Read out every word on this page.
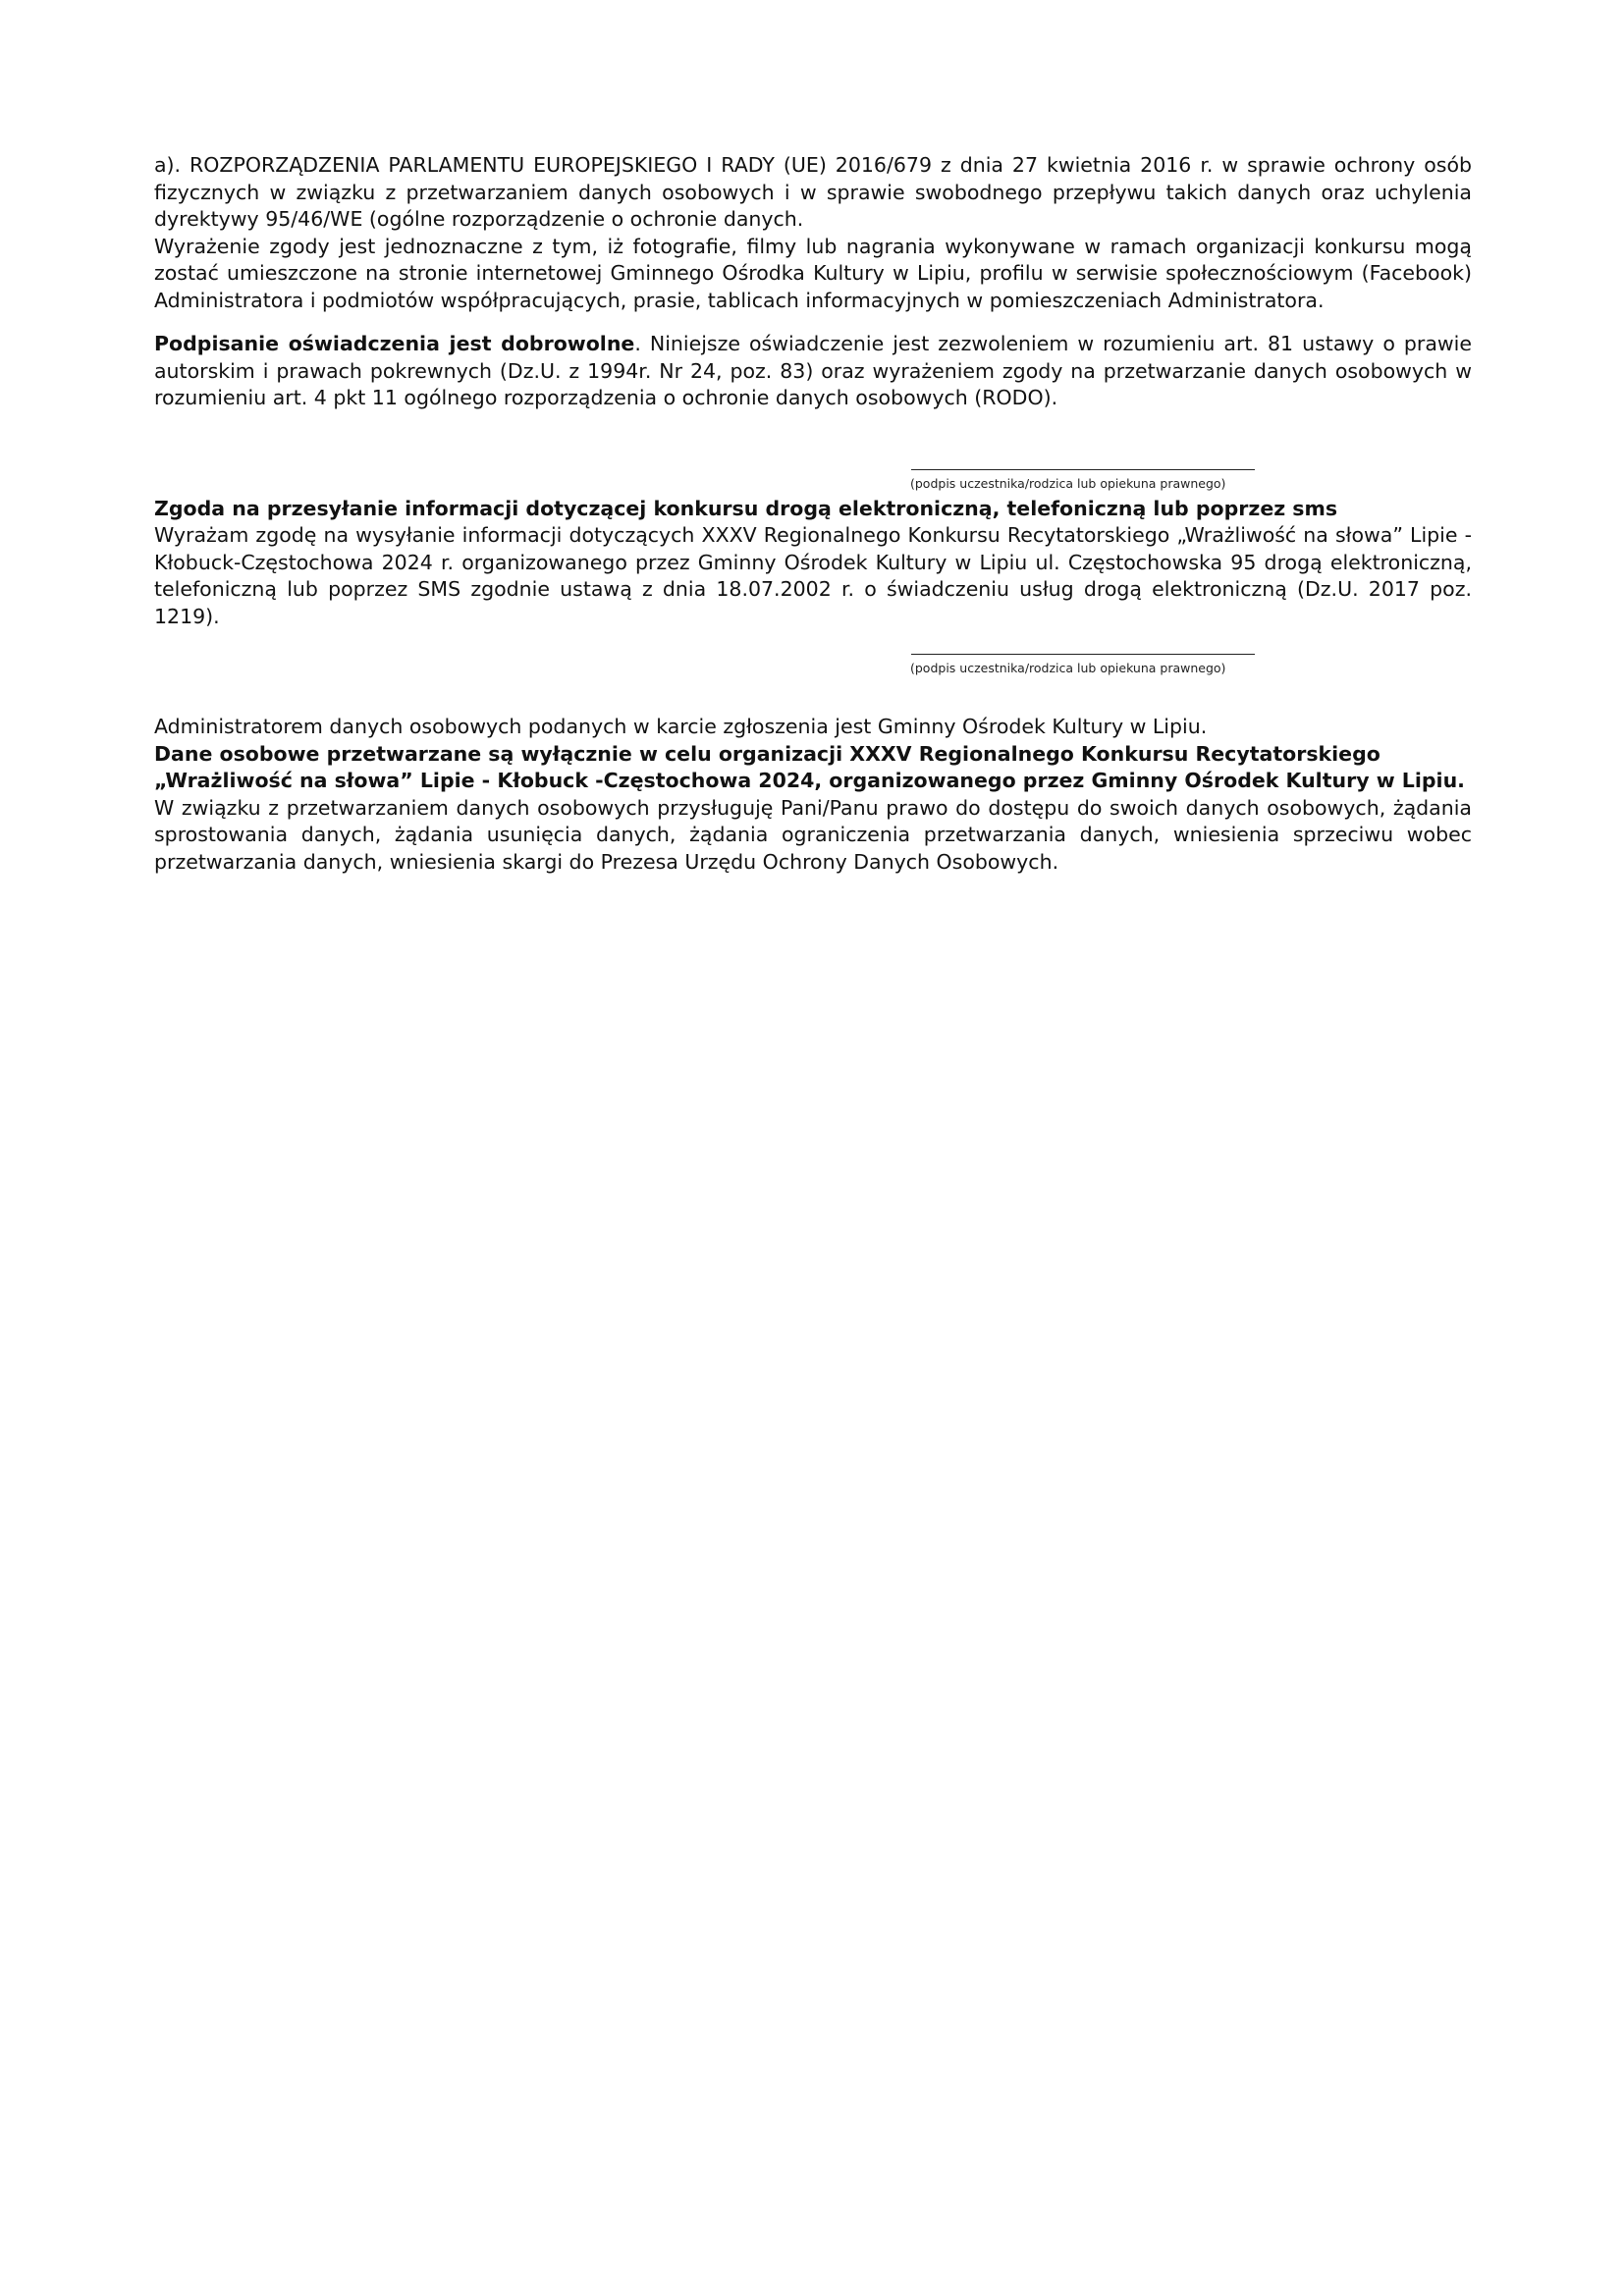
a). ROZPORZĄDZENIA PARLAMENTU EUROPEJSKIEGO I RADY (UE) 2016/679 z dnia 27 kwietnia 2016 r. w sprawie ochrony osób fizycznych w związku z przetwarzaniem danych osobowych i w sprawie swobodnego przepływu takich danych oraz uchylenia dyrektywy 95/46/WE (ogólne rozporządzenie o ochronie danych.

Wyrażenie zgody jest jednoznaczne z tym, iż fotografie, filmy lub nagrania wykonywane w ramach organizacji konkursu mogą zostać umieszczone na stronie internetowej Gminnego Ośrodka Kultury w Lipiu, profilu w serwisie społecznościowym (Facebook) Administratora i podmiotów współpracujących, prasie, tablicach informacyjnych w pomieszczeniach Administratora.

Podpisanie oświadczenia jest dobrowolne. Niniejsze oświadczenie jest zezwoleniem w rozumieniu art. 81 ustawy o prawie autorskim i prawach pokrewnych (Dz.U. z 1994r. Nr 24, poz. 83) oraz wyrażeniem zgody na przetwarzanie danych osobowych w rozumieniu art. 4 pkt 11 ogólnego rozporządzenia o ochronie danych osobowych (RODO).

(podpis uczestnika/rodzica lub opiekuna prawnego)

Zgoda na przesyłanie informacji dotyczącej konkursu drogą elektroniczną, telefoniczną lub poprzez sms

Wyrażam zgodę na wysyłanie informacji dotyczących XXXV Regionalnego Konkursu Recytatorskiego „Wrażliwość na słowa” Lipie - Kłobuck-Częstochowa 2024 r. organizowanego przez Gminny Ośrodek Kultury w Lipiu ul. Częstochowska 95 drogą elektroniczną, telefoniczną lub poprzez SMS zgodnie ustawą z dnia 18.07.2002 r. o świadczeniu usług drogą elektroniczną (Dz.U. 2017 poz. 1219).

(podpis uczestnika/rodzica lub opiekuna prawnego)

Administratorem danych osobowych podanych w karcie zgłoszenia jest Gminny Ośrodek Kultury w Lipiu.

Dane osobowe przetwarzane są wyłącznie w celu organizacji XXXV Regionalnego Konkursu Recytatorskiego „Wrażliwość na słowa” Lipie - Kłobuck -Częstochowa 2024, organizowanego przez Gminny Ośrodek Kultury w Lipiu.

W związku z przetwarzaniem danych osobowych przysługuję Pani/Panu prawo do dostępu do swoich danych osobowych, żądania sprostowania danych, żądania usunięcia danych, żądania ograniczenia przetwarzania danych, wniesienia sprzeciwu wobec przetwarzania danych, wniesienia skargi do Prezesa Urzędu Ochrony Danych Osobowych.
